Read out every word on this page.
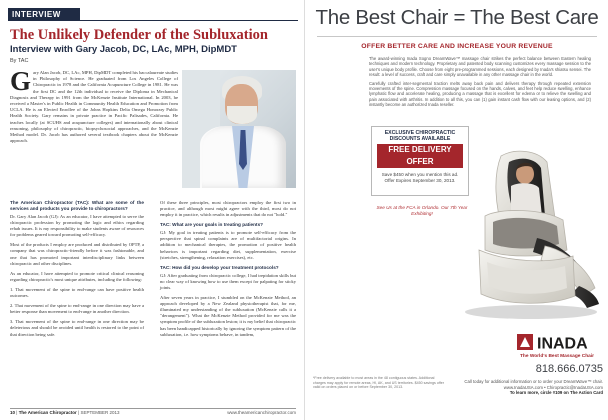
INTERVIEW
The Unlikely Defender of the Subluxation
Interview with Gary Jacob, DC, LAc, MPH, DipMDT
By TAC
Gary Alan Jacob, DC, LAc, MPH, DipMDT completed his baccalaureate studies in Philosophy of Science. He graduated from Los Angeles College of Chiropractic in 1978 and the California Acupuncture College in 1981. He was the first DC and the 12th individual to receive the Diploma in Mechanical Diagnosis and Therapy in 1991 from the McKenzie Institute International. In 2003, he received a Master's in Public Health in Community Health Education and Promotion from UCLA. He is an Elected Enrollee of the Johns Hopkins Delta Omega Honorary Public Health Society. Gary remains in private practice in Pacific Palisades, California. He teaches locally (at SCUHS and acupuncture colleges) and internationally about clinical reasoning, philosophy of chiropractic, biopsychosocial approaches, and the McKenzie Method model. Dr. Jacob has authored several textbook chapters about the McKenzie approach.
The American Chiropractor (TAC): What are some of the services and products you provide to chiropractors?
Dr. Gary Alan Jacob (GJ): As an educator, I have attempted to serve the chiropractic profession by promoting the logic and ethics regarding rehab issues. It is my responsibility to make students aware of resources for problems geared toward promoting self-efficacy.
Most of the products I employ are produced and distributed by OPTP, a company that was chiropractic-friendly before it was fashionable, and one that has promoted important interdisciplinary links between chiropractic and other disciplines.
As an educator, I have attempted to promote critical clinical reasoning regarding chiropractic's most unique attributes, including the following:
1. That movement of the spine to end-range can have positive health outcomes.
2. That movement of the spine to end-range in one direction may have a better response than movement to end-range in another direction.
3. That movement of the spine to end-range in one direction may be deleterious and should be avoided until health is restored to the point of that direction being safe.
Of these three principles, most chiropractors employ the first two in practice, and although most might agree with the third, most do not employ it in practice, which results in adjustments that do not "hold."
TAC: What are your goals in treating patients?
GJ: My goal in treating patients is to promote self-efficacy from the perspective that spinal complaints are of multifactorial origins. In addition to mechanical therapies, the promotion of positive health behaviors is important regarding diet, supplementation, exercise (stretches, strengthening, relaxation exercises), etc.
TAC: How did you develop your treatment protocols?
GJ: After graduating from chiropractic college, I had trepidation skills but no clear way of knowing how to use them except for palpating for sticky joints.
After seven years in practice, I stumbled on the McKenzie Method, an approach developed by a New Zealand physiotherapist that, for me, illuminated my understanding of the subluxation (McKenzie calls it a "derangement"). What the McKenzie Method provided for me was the symptom profile of the subluxation lesion; it is my belief that chiropractic has been handicapped historically by ignoring the symptom pattern of the subluxation, i.e. how symptoms behave, in tandem,
10 | The American Chiropractor | SEPTEMBER 2013	www.theamericanchiropractor.com
The Best Chair = The Best Care
OFFER BETTER CARE AND INCREASE YOUR REVENUE
The award-winning Inada Sogno DreamWave™ massage chair strikes the perfect balance between Eastern healing techniques and modern technology. Proprietary and patented body scanning customizes every massage session to the user's unique body profile. Choose from eight pre-programmed sessions, each designed by Inada's shiatsu sensei. The result: a level of success, craft and care simply unavailable in any other massage chair in the world.
Carefully crafted inter-segmental traction melts away back pain and delivers therapy through repeated extension movements of the spine. Compression massage focused on the hands, calves, and feet help reduce swelling, enhance lymphatic flow and accelerate healing, producing a massage that is excellent for edema or to relieve the swelling and pain associated with arthritis. In addition to all this, you can (1) gain instant cash flow with our leasing options, and (2) instantly become an authorized Inada reseller.
EXCLUSIVE CHIROPRACTIC DISCOUNTS AVAILABLE
FREE DELIVERY OFFER
Save $450 when you mention this ad.
Offer Expires September 30, 2013.
See Us at the FCA in Orlando. Our 7th Year Exhibiting!
INADA
The World's Best Massage Chair
818.666.0735
Call today for additional information or to order your DreamWave™ chair.
www.InadaUSA.com • Chiropractic@InadaUSA.com
To learn more, circle #109 on The Action Card
*Free delivery available to most areas in the 48 contiguous states. Additional charges may apply for remote areas, HI, AK, and US territories. $450 savings offer valid on orders placed on or before September 30, 2013.
